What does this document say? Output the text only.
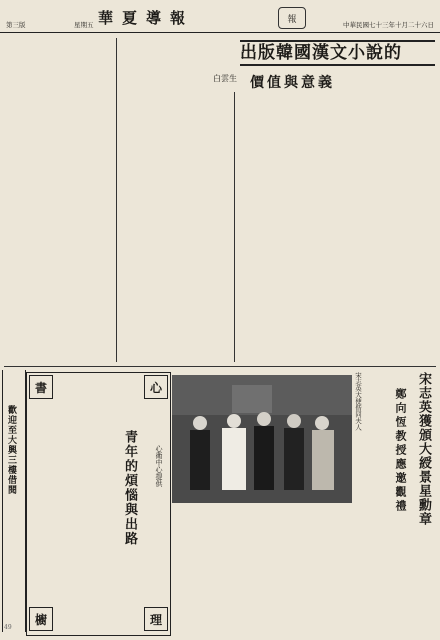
華夏導報	報
第三版	星期五	中華民國七十三年十月二十六日
出版韓國漢文小說的
價值與意義
白雲生
宋志英獲頒大綬景星勳章
鄭向恆教授應邀觀禮
宋志英大使偕同夫人
書	心
櫥	理
青年的煩惱與出路	心衛中心提供
歡迎至大興三樓借閱
49
